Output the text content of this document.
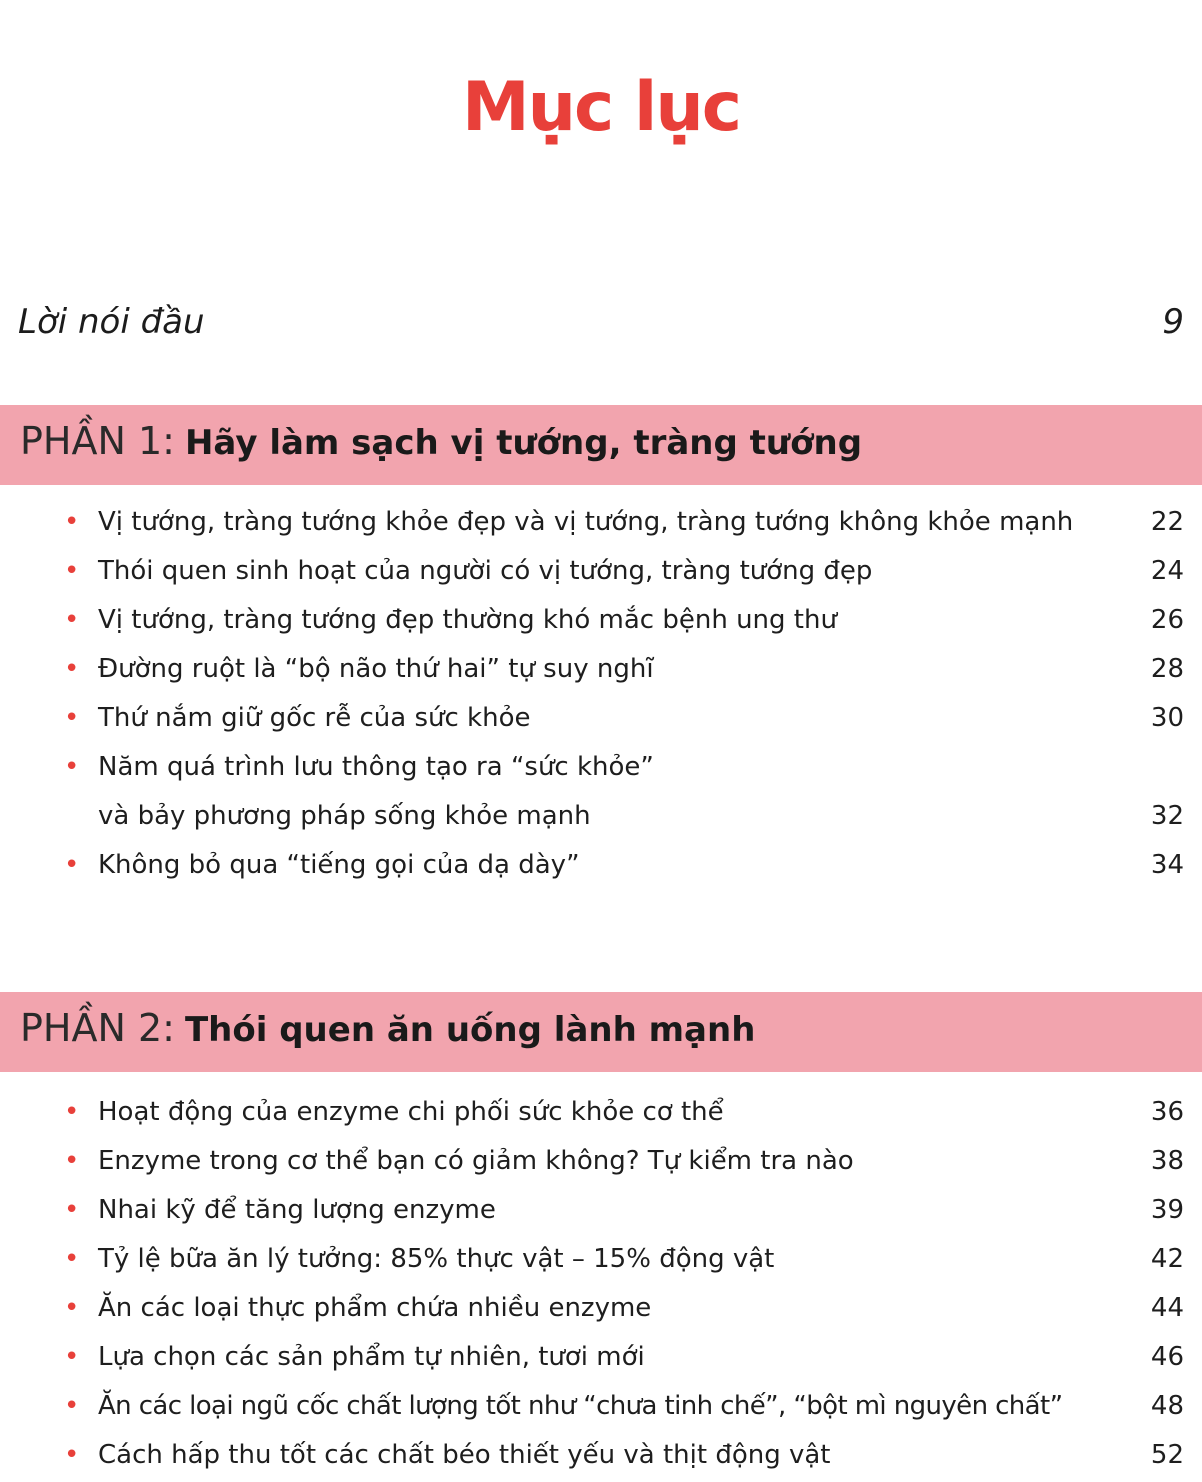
Mục lục
Lời nói đầu	9
PHẦN 1: Hãy làm sạch vị tướng, tràng tướng
• Vị tướng, tràng tướng khỏe đẹp và vị tướng, tràng tướng không khỏe mạnh	22
• Thói quen sinh hoạt của người có vị tướng, tràng tướng đẹp	24
• Vị tướng, tràng tướng đẹp thường khó mắc bệnh ung thư	26
• Đường ruột là “bộ não thứ hai” tự suy nghĩ	28
• Thứ nắm giữ gốc rễ của sức khỏe	30
• Năm quá trình lưu thông tạo ra “sức khỏe”
và bảy phương pháp sống khỏe mạnh	32
• Không bỏ qua “tiếng gọi của dạ dày”	34
PHẦN 2: Thói quen ăn uống lành mạnh
• Hoạt động của enzyme chi phối sức khỏe cơ thể	36
• Enzyme trong cơ thể bạn có giảm không? Tự kiểm tra nào	38
• Nhai kỹ để tăng lượng enzyme	39
• Tỷ lệ bữa ăn lý tưởng: 85% thực vật – 15% động vật	42
• Ăn các loại thực phẩm chứa nhiều enzyme	44
• Lựa chọn các sản phẩm tự nhiên, tươi mới	46
• Ăn các loại ngũ cốc chất lượng tốt như “chưa tinh chế”, “bột mì nguyên chất”	48
• Cách hấp thu tốt các chất béo thiết yếu và thịt động vật	52
